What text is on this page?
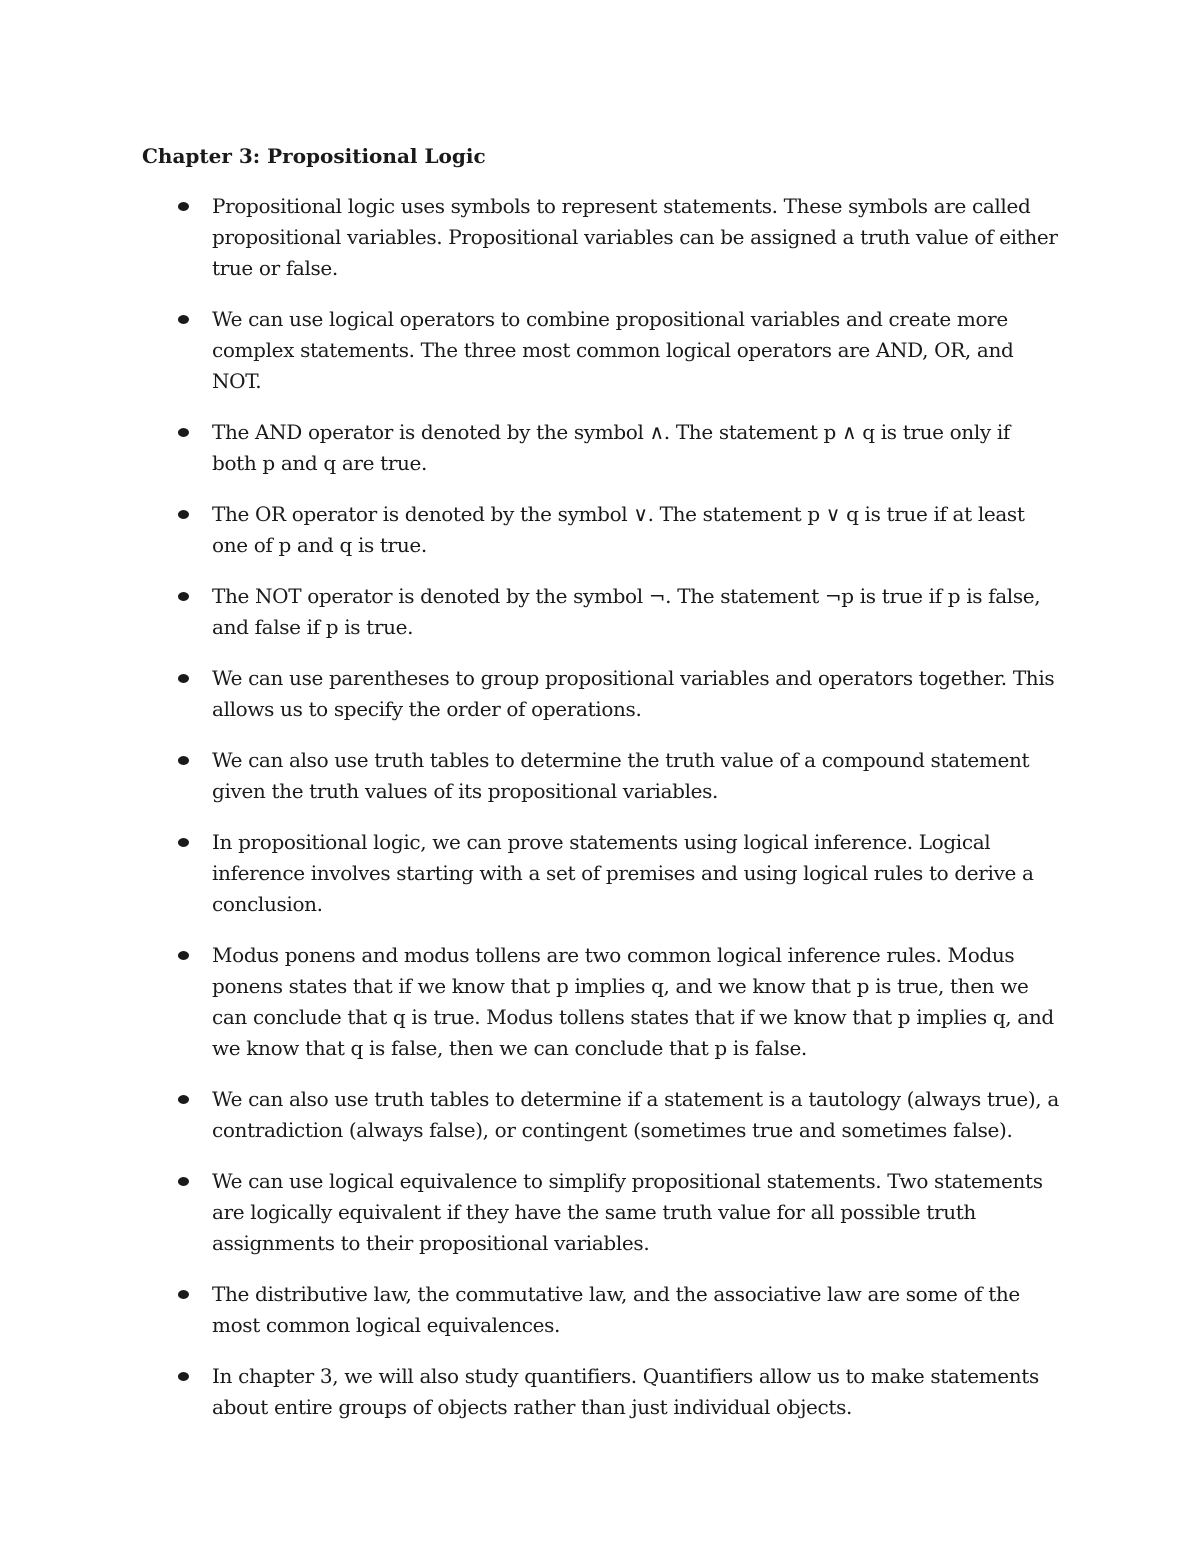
Chapter 3: Propositional Logic
Propositional logic uses symbols to represent statements. These symbols are called propositional variables. Propositional variables can be assigned a truth value of either true or false.
We can use logical operators to combine propositional variables and create more complex statements. The three most common logical operators are AND, OR, and NOT.
The AND operator is denoted by the symbol ∧. The statement p ∧ q is true only if both p and q are true.
The OR operator is denoted by the symbol ∨. The statement p ∨ q is true if at least one of p and q is true.
The NOT operator is denoted by the symbol ¬. The statement ¬p is true if p is false, and false if p is true.
We can use parentheses to group propositional variables and operators together. This allows us to specify the order of operations.
We can also use truth tables to determine the truth value of a compound statement given the truth values of its propositional variables.
In propositional logic, we can prove statements using logical inference. Logical inference involves starting with a set of premises and using logical rules to derive a conclusion.
Modus ponens and modus tollens are two common logical inference rules. Modus ponens states that if we know that p implies q, and we know that p is true, then we can conclude that q is true. Modus tollens states that if we know that p implies q, and we know that q is false, then we can conclude that p is false.
We can also use truth tables to determine if a statement is a tautology (always true), a contradiction (always false), or contingent (sometimes true and sometimes false).
We can use logical equivalence to simplify propositional statements. Two statements are logically equivalent if they have the same truth value for all possible truth assignments to their propositional variables.
The distributive law, the commutative law, and the associative law are some of the most common logical equivalences.
In chapter 3, we will also study quantifiers. Quantifiers allow us to make statements about entire groups of objects rather than just individual objects.
